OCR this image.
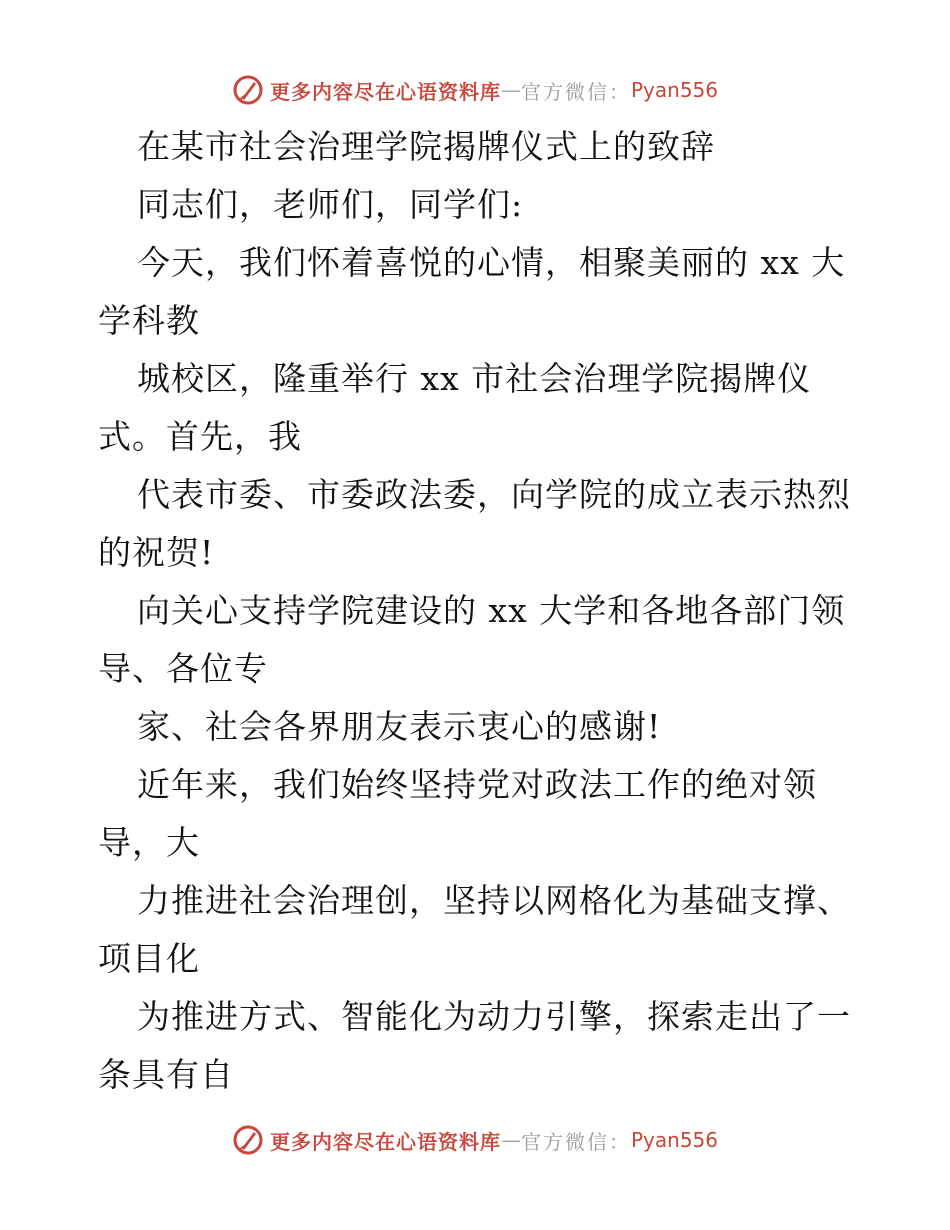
更多内容尽在心语资料库 — 官方微信： Pyan556
在某市社会治理学院揭牌仪式上的致辞
同志们，老师们，同学们:
今天，我们怀着喜悦的心情，相聚美丽的 xx 大
学科教
城校区，隆重举行 xx 市社会治理学院揭牌仪
式。首先，我
代表市委、市委政法委，向学院的成立表示热烈
的祝贺!
向关心支持学院建设的 xx 大学和各地各部门领
导、各位专
家、社会各界朋友表示衷心的感谢!
近年来，我们始终坚持党对政法工作的绝对领
导，大
力推进社会治理创，坚持以网格化为基础支撑、
项目化
为推进方式、智能化为动力引擎，探索走出了一
条具有自
更多内容尽在心语资料库 — 官方微信： Pyan556
